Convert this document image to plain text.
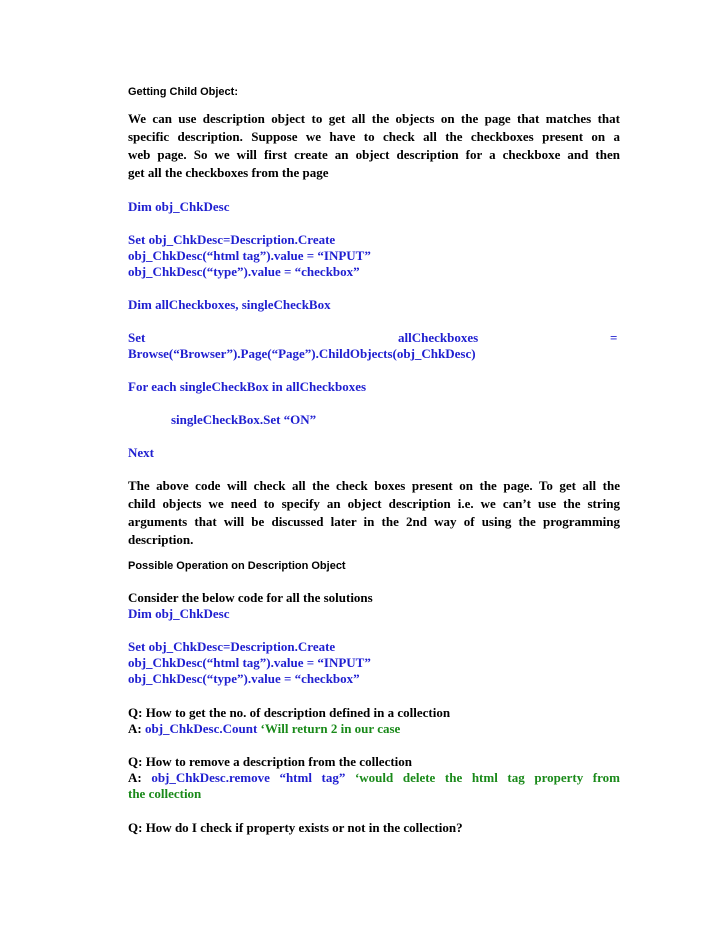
Getting Child Object:
We can use description object to get all the objects on the page that matches that
specific description. Suppose we have to check all the checkboxes present on a
web page. So we will first create an object description for a checkboxe and then
get all the checkboxes from the page
Dim obj_ChkDesc
Set obj_ChkDesc=Description.Create
obj_ChkDesc(“html tag”).value = “INPUT”
obj_ChkDesc(“type”).value = “checkbox”
Dim allCheckboxes, singleCheckBox
Set	allCheckboxes	=
Browse(“Browser”).Page(“Page”).ChildObjects(obj_ChkDesc)
For each singleCheckBox in allCheckboxes
singleCheckBox.Set “ON”
Next
The above code will check all the check boxes present on the page. To get all the
child objects we need to specify an object description i.e. we can’t use the string
arguments that will be discussed later in the 2nd way of using the programming
description.
Possible Operation on Description Object
Consider the below code for all the solutions
Dim obj_ChkDesc
Set obj_ChkDesc=Description.Create
obj_ChkDesc(“html tag”).value = “INPUT”
obj_ChkDesc(“type”).value = “checkbox”
Q: How to get the no. of description defined in a collection
A: obj_ChkDesc.Count ‘Will return 2 in our case
Q: How to remove a description from the collection
A: obj_ChkDesc.remove “html tag” ‘would delete the html tag property from
the collection
Q: How do I check if property exists or not in the collection?
